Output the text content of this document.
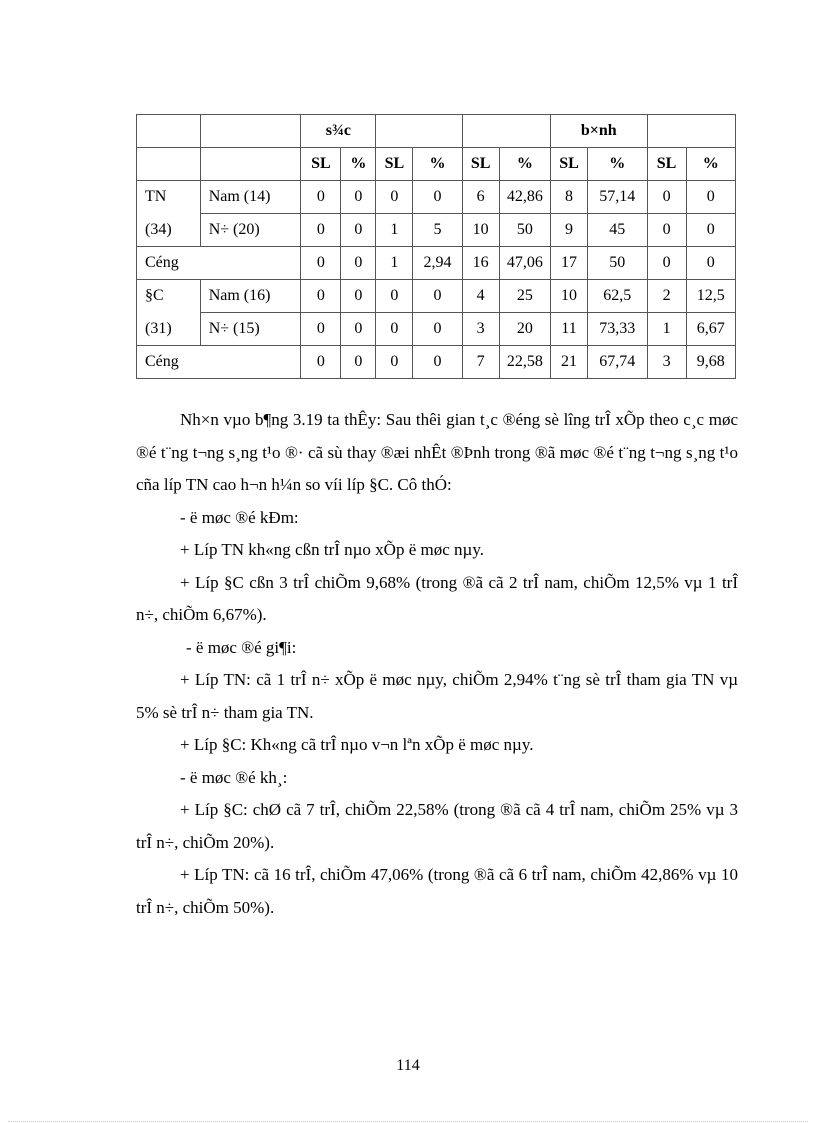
		s¾c						b×nh			
		SL	%	SL	%	SL	%	SL	%	SL	%
TN	Nam (14)	0	0	0	0	6	42,86	8	57,14	0	0
(34)	N÷ (20)	0	0	1	5	10	50	9	45	0	0
Céng		0	0	1	2,94	16	47,06	17	50	0	0
§C	Nam (16)	0	0	0	0	4	25	10	62,5	2	12,5
(31)	N÷ (15)	0	0	0	0	3	20	11	73,33	1	6,67
Céng		0	0	0	0	7	22,58	21	67,74	3	9,68

Nh×n vµo b¶ng 3.19 ta thÊy: Sau thêi gian t¸c ®éng sè lîng trÎ xÕp theo c¸c møc ®é t¨ng t¬ng s¸ng t¹o ®· cã sù thay ®æi nhÊt ®Þnh trong ®ã møc ®é t¨ng t¬ng s¸ng t¹o cña líp TN cao h¬n h¼n so víi líp §C. Cô thÓ:

- ë møc ®é kÐm:

+ Líp TN kh«ng cßn trÎ nµo xÕp ë møc nµy.

+ Líp §C cßn 3 trÎ chiÕm 9,68% (trong ®ã cã 2 trÎ nam, chiÕm 12,5% vµ 1 trÎ n÷, chiÕm 6,67%).

- ë møc ®é gi¶i:

+ Líp TN: cã 1 trÎ n÷ xÕp ë møc nµy, chiÕm 2,94% t¨ng sè trÎ tham gia TN vµ 5% sè trÎ n÷ tham gia TN.

+ Líp §C: Kh«ng cã trÎ nµo v¬n lªn xÕp ë møc nµy.

- ë møc ®é kh¸:

+ Líp §C: chØ cã 7 trÎ, chiÕm 22,58% (trong ®ã cã 4 trÎ nam, chiÕm 25% vµ 3 trÎ n÷, chiÕm 20%).

+ Líp TN: cã 16 trÎ, chiÕm 47,06% (trong ®ã cã 6 trÎ nam, chiÕm 42,86% vµ 10 trÎ n÷, chiÕm 50%).

114
